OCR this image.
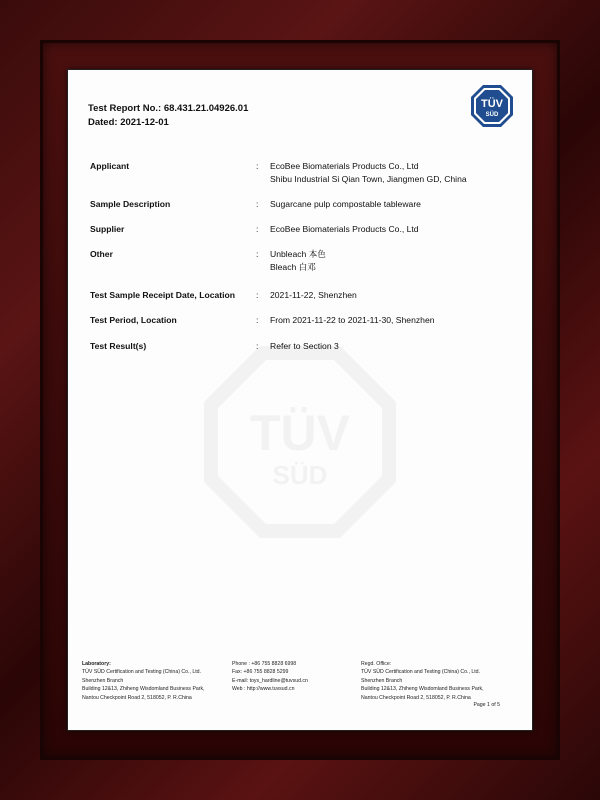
Test Report No.: 68.431.21.04926.01
Dated: 2021-12-01
TÜV
SÜD
TÜV
SÜD
Applicant	: EcoBee Biomaterials Products Co., Ltd
Shibu Industrial Si Qian Town, Jiangmen GD, China
Sample Description	: Sugarcane pulp compostable tableware
Supplier	: EcoBee Biomaterials Products Co., Ltd
Other	: Unbleach 本色
Bleach 白邓
Test Sample Receipt Date, Location	: 2021-11-22, Shenzhen
Test Period, Location	: From 2021-11-22 to 2021-11-30, Shenzhen
Test Result(s)	: Refer to Section 3
Laboratory:
TÜV SÜD Certification and Testing (China) Co., Ltd.
Shenzhen Branch
Building 12&13, Zhiheng Wisdomland Business Park,
Nantou Checkpoint Road 2, 518052, P. R.China
Phone : +86 755 8828 6998
Fax: +86 755 8828 5299
E-mail: toys_hardline@tuvsud.cn
Web : http://www.tuvsud.cn
Regd. Office:
TÜV SÜD Certification and Testing (China) Co., Ltd.
Shenzhen Branch
Building 12&13, Zhiheng Wisdomland Business Park,
Nantou Checkpoint Road 2, 518052, P. R.China
Page 1 of 5
